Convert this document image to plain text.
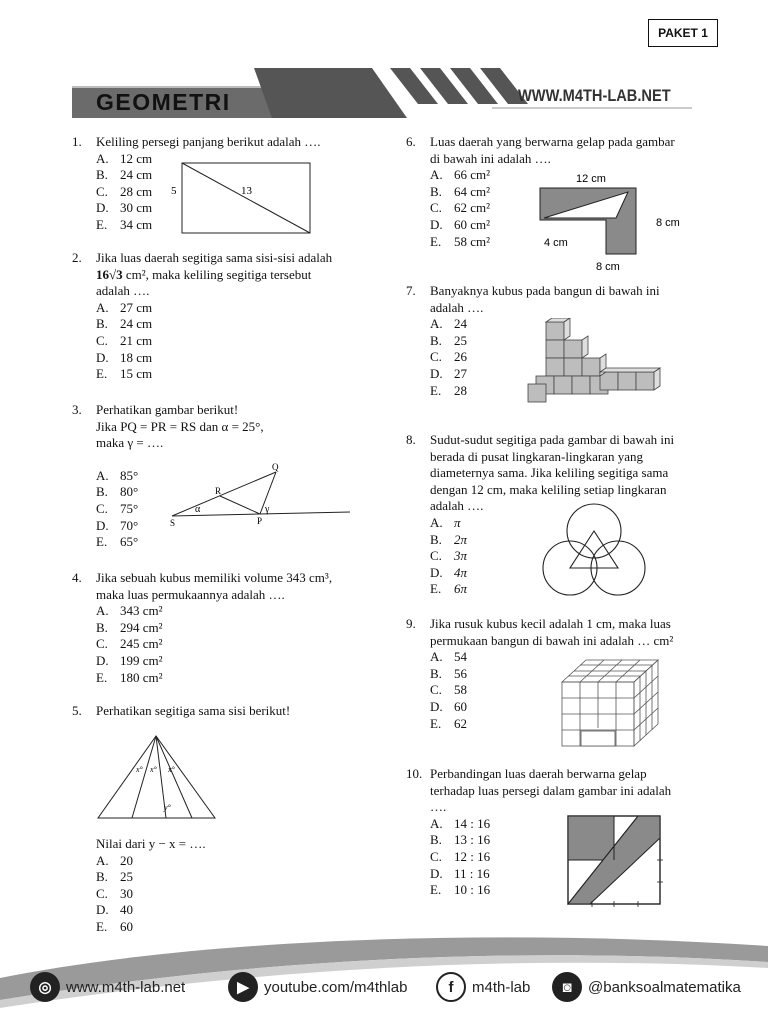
PAKET 1
GEOMETRI	WWW.M4TH-LAB.NET
1.	Keliling persegi panjang berikut adalah ….
A. 12 cm
B. 24 cm
C. 28 cm
D. 30 cm
E. 34 cm
5	13
2.	Jika luas daerah segitiga sama sisi-sisi adalah
16√3 cm², maka keliling segitiga tersebut
adalah ….
A. 27 cm
B. 24 cm
C. 21 cm
D. 18 cm
E. 15 cm
3.	Perhatikan gambar berikut!
Jika PQ = PR = RS dan α = 25°,
maka γ = ….
A. 85°
B. 80°
C. 75°
D. 70°
E. 65°
Q
R
S	P
α	γ
4.	Jika sebuah kubus memiliki volume 343 cm³,
maka luas permukaannya adalah ….
A. 343 cm²
B. 294 cm²
C. 245 cm²
D. 199 cm²
E. 180 cm²
5.	Perhatikan segitiga sama sisi berikut!
x° x° x°
y°
Nilai dari y − x = ….
A. 20
B. 25
C. 30
D. 40
E. 60
6.	Luas daerah yang berwarna gelap pada gambar
di bawah ini adalah ….
A. 66 cm²
B. 64 cm²
C. 62 cm²
D. 60 cm²
E. 58 cm²
12 cm
8 cm
4 cm
8 cm
7.	Banyaknya kubus pada bangun di bawah ini
adalah ….
A. 24
B. 25
C. 26
D. 27
E. 28
8.	Sudut-sudut segitiga pada gambar di bawah ini
berada di pusat lingkaran-lingkaran yang
diameternya sama. Jika keliling segitiga sama
dengan 12 cm, maka keliling setiap lingkaran
adalah ….
A. π
B. 2π
C. 3π
D. 4π
E. 6π
9.	Jika rusuk kubus kecil adalah 1 cm, maka luas
permukaan bangun di bawah ini adalah … cm²
A. 54
B. 56
C. 58
D. 60
E. 62
10. Perbandingan luas daerah berwarna gelap
terhadap luas persegi dalam gambar ini adalah
….
A. 14 : 16
B. 13 : 16
C. 12 : 16
D. 11 : 16
E. 10 : 16
◎ www.m4th-lab.net	▶	youtube.com/m4thlab	f	m4th-lab	◙	@banksoalmatematika
